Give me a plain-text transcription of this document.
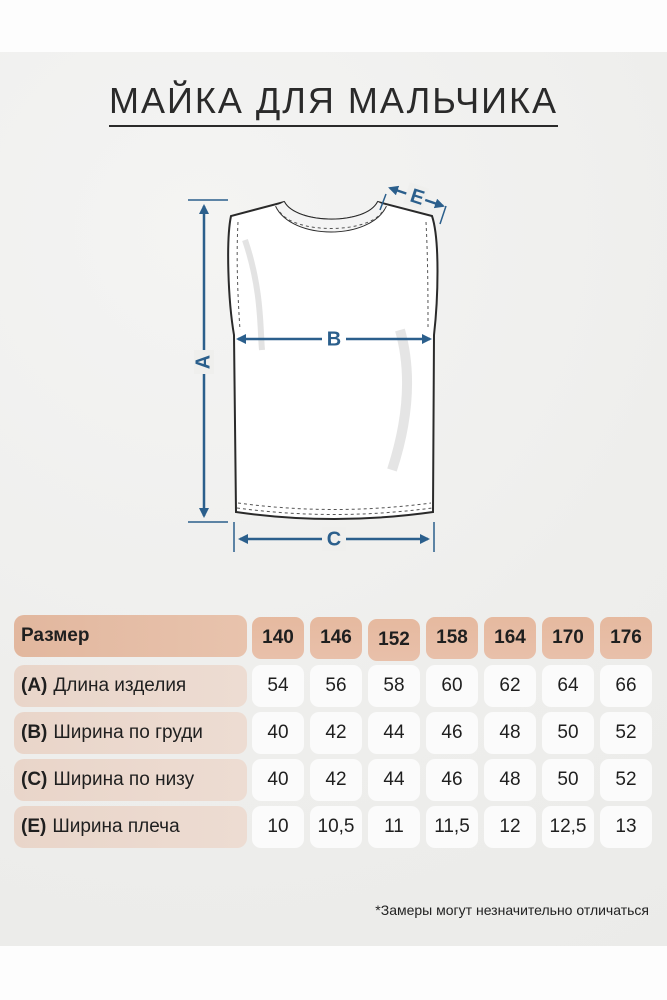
МАЙКА ДЛЯ МАЛЬЧИКА
A
B
C
E
Размер	140	146	152	158	164	170	176
(A) Длина изделия	54	56	58	60	62	64	66
(B) Ширина по груди	40	42	44	46	48	50	52
(C) Ширина по низу	40	42	44	46	48	50	52
(E) Ширина плеча	10	10,5	11	11,5	12	12,5	13
*Замеры могут незначительно отличаться
